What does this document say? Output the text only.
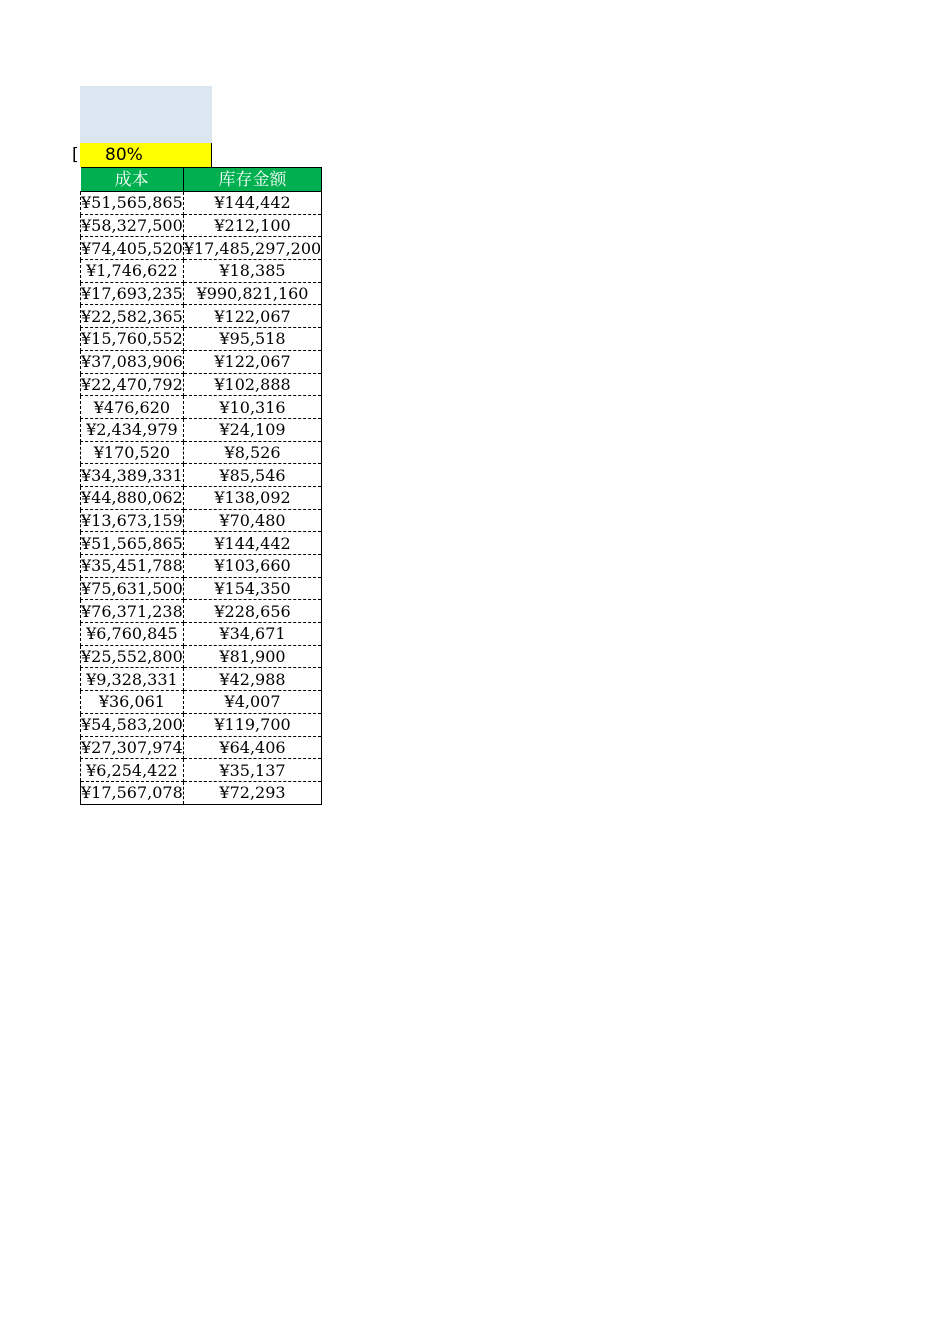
[ 80%
成本	库存金额
¥51,565,865	¥144,442
¥58,327,500	¥212,100
¥74,405,520	¥17,485,297,200
¥1,746,622	¥18,385
¥17,693,235	¥990,821,160
¥22,582,365	¥122,067
¥15,760,552	¥95,518
¥37,083,906	¥122,067
¥22,470,792	¥102,888
¥476,620	¥10,316
¥2,434,979	¥24,109
¥170,520	¥8,526
¥34,389,331	¥85,546
¥44,880,062	¥138,092
¥13,673,159	¥70,480
¥51,565,865	¥144,442
¥35,451,788	¥103,660
¥75,631,500	¥154,350
¥76,371,238	¥228,656
¥6,760,845	¥34,671
¥25,552,800	¥81,900
¥9,328,331	¥42,988
¥36,061	¥4,007
¥54,583,200	¥119,700
¥27,307,974	¥64,406
¥6,254,422	¥35,137
¥17,567,078	¥72,293
